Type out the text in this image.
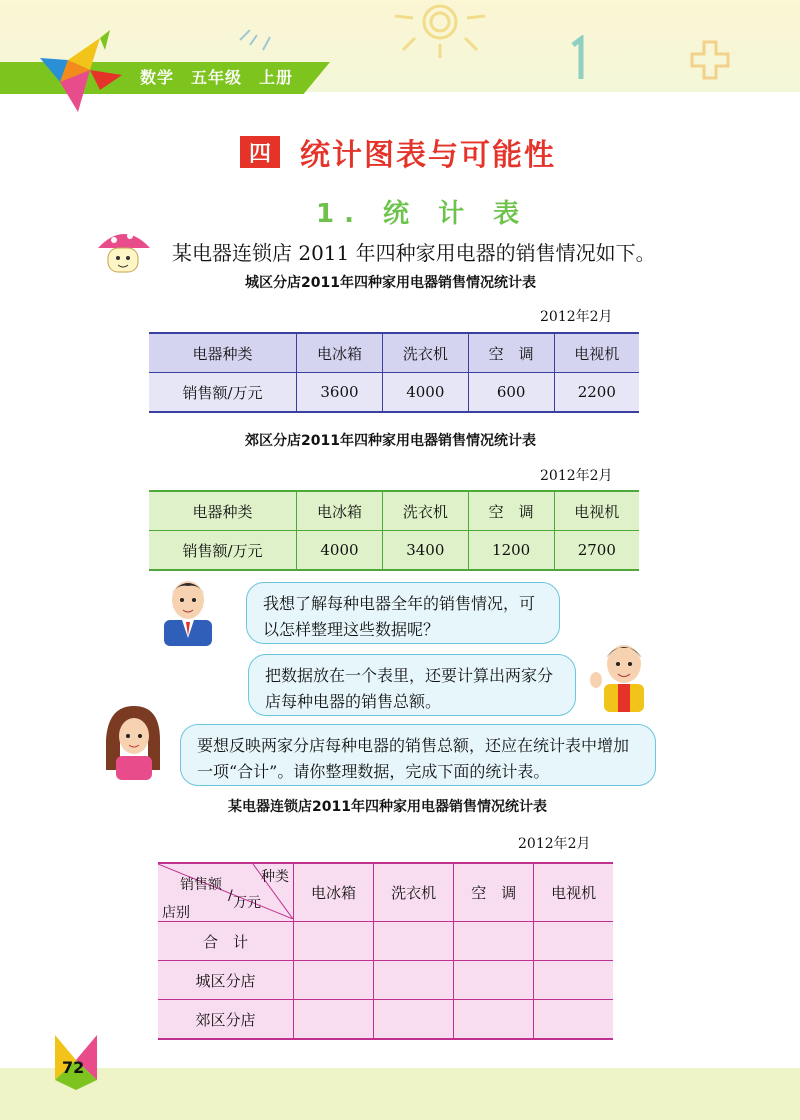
数学　五年级　上册
四 统计图表与可能性
1. 统 计 表
某电器连锁店 2011 年四种家用电器的销售情况如下。
城区分店2011年四种家用电器销售情况统计表
2012年2月
电器种类	电冰箱	洗衣机	空　调	电视机
销售额/万元	3600	4000	600	2200
郊区分店2011年四种家用电器销售情况统计表
2012年2月
电器种类	电冰箱	洗衣机	空　调	电视机
销售额/万元	4000	3400	1200	2700
我想了解每种电器全年的销售情况，可以怎样整理这些数据呢？
把数据放在一个表里，还要计算出两家分店每种电器的销售总额。
要想反映两家分店每种电器的销售总额，还应在统计表中增加一项“合计”。请你整理数据，完成下面的统计表。
某电器连锁店2011年四种家用电器销售情况统计表
2012年2月
种类
销售额
/ 万元
店别	电冰箱	洗衣机	空　调	电视机
合　计				
城区分店				
郊区分店				
72
